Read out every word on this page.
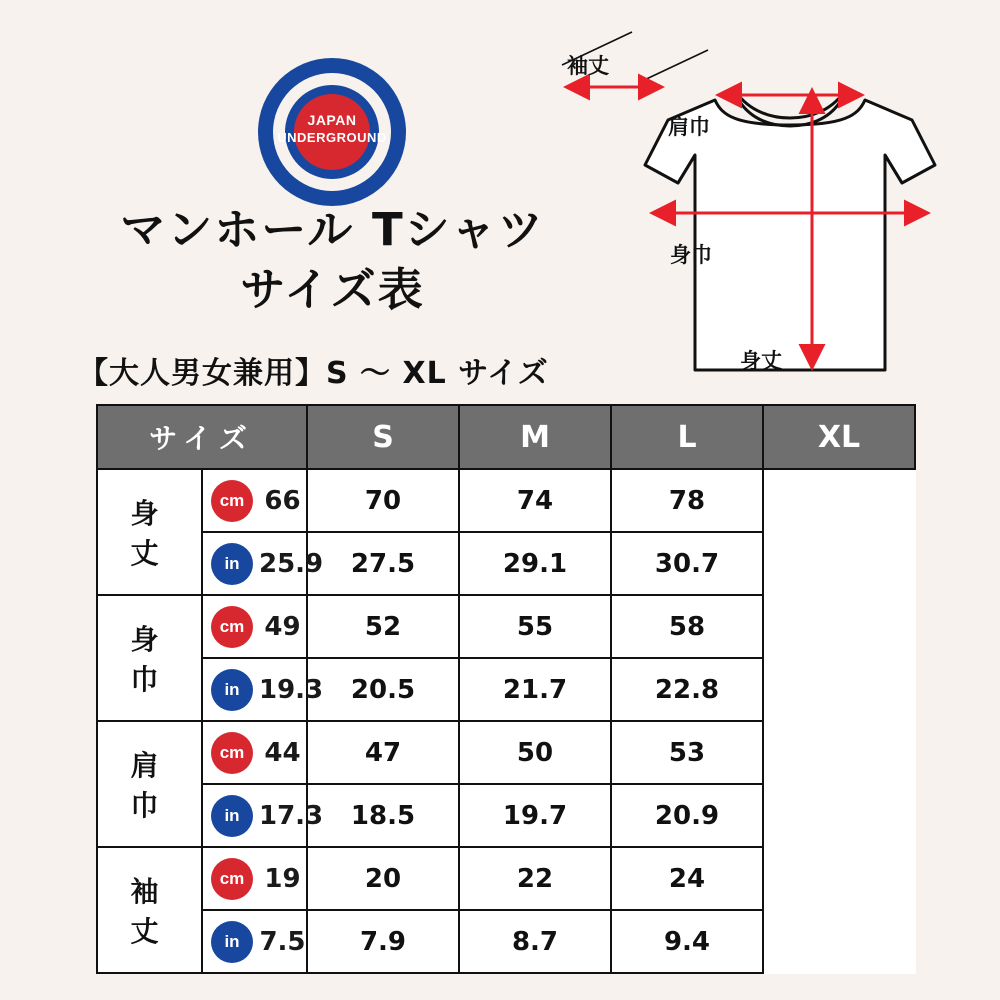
JAPAN
UNDERGROUND
マンホール Tシャツ
サイズ表
【大人男女兼用】S 〜 XL サイズ
袖丈
肩巾
身巾
身丈
サイズ		S	M	L	XL
身　丈	cm 66	70	74	78	

	in 25.9	27.5	29.1	30.7	
身　巾	cm 49	52	55	58	

	in 19.3	20.5	21.7	22.8	
肩　巾	cm 44	47	50	53	

	in 17.3	18.5	19.7	20.9	
袖　丈	cm 19	20	22	24	

	in 7.5	7.9	8.7	9.4	
